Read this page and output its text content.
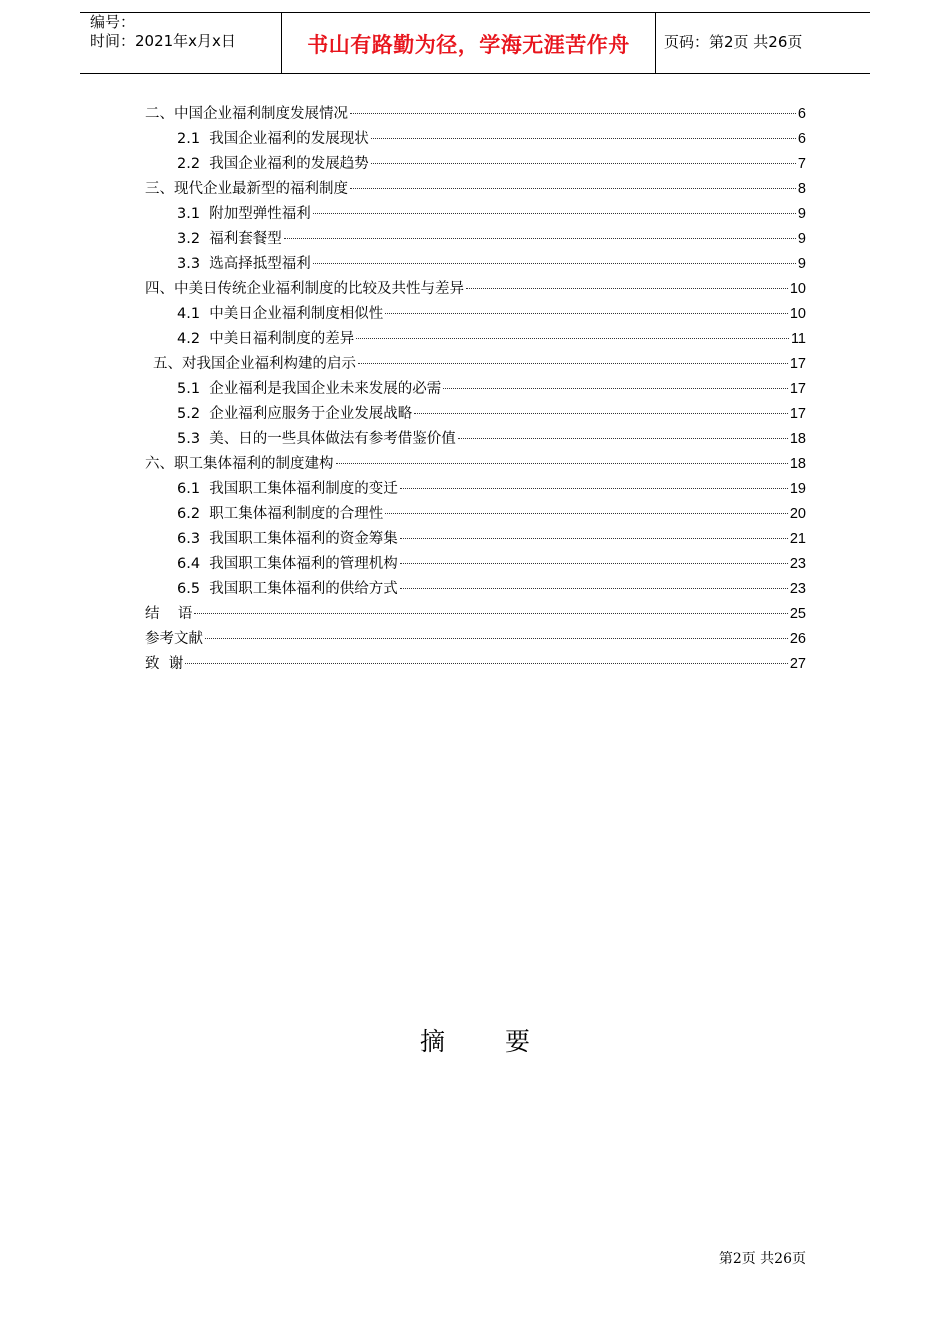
编号：
时间：2021年x月x日	书山有路勤为径，学海无涯苦作舟	页码：第2页 共26页
二、中国企业福利制度发展情况	6
2.1  我国企业福利的发展现状	6
2.2  我国企业福利的发展趋势	7
三、现代企业最新型的福利制度	8
3.1  附加型弹性福利	9
3.2  福利套餐型	9
3.3  选高择抵型福利	9
四、中美日传统企业福利制度的比较及共性与差异	10
4.1  中美日企业福利制度相似性	10
4.2  中美日福利制度的差异	11
五、对我国企业福利构建的启示	17
5.1  企业福利是我国企业未来发展的必需	17
5.2  企业福利应服务于企业发展战略	17
5.3  美、日的一些具体做法有参考借鉴价值	18
六、职工集体福利的制度建构	18
6.1  我国职工集体福利制度的变迁	19
6.2  职工集体福利制度的合理性	20
6.3  我国职工集体福利的资金筹集	21
6.4  我国职工集体福利的管理机构	23
6.5  我国职工集体福利的供给方式	23
结    语	25
参考文献	26
致  谢	27
摘要
第2页 共26页
